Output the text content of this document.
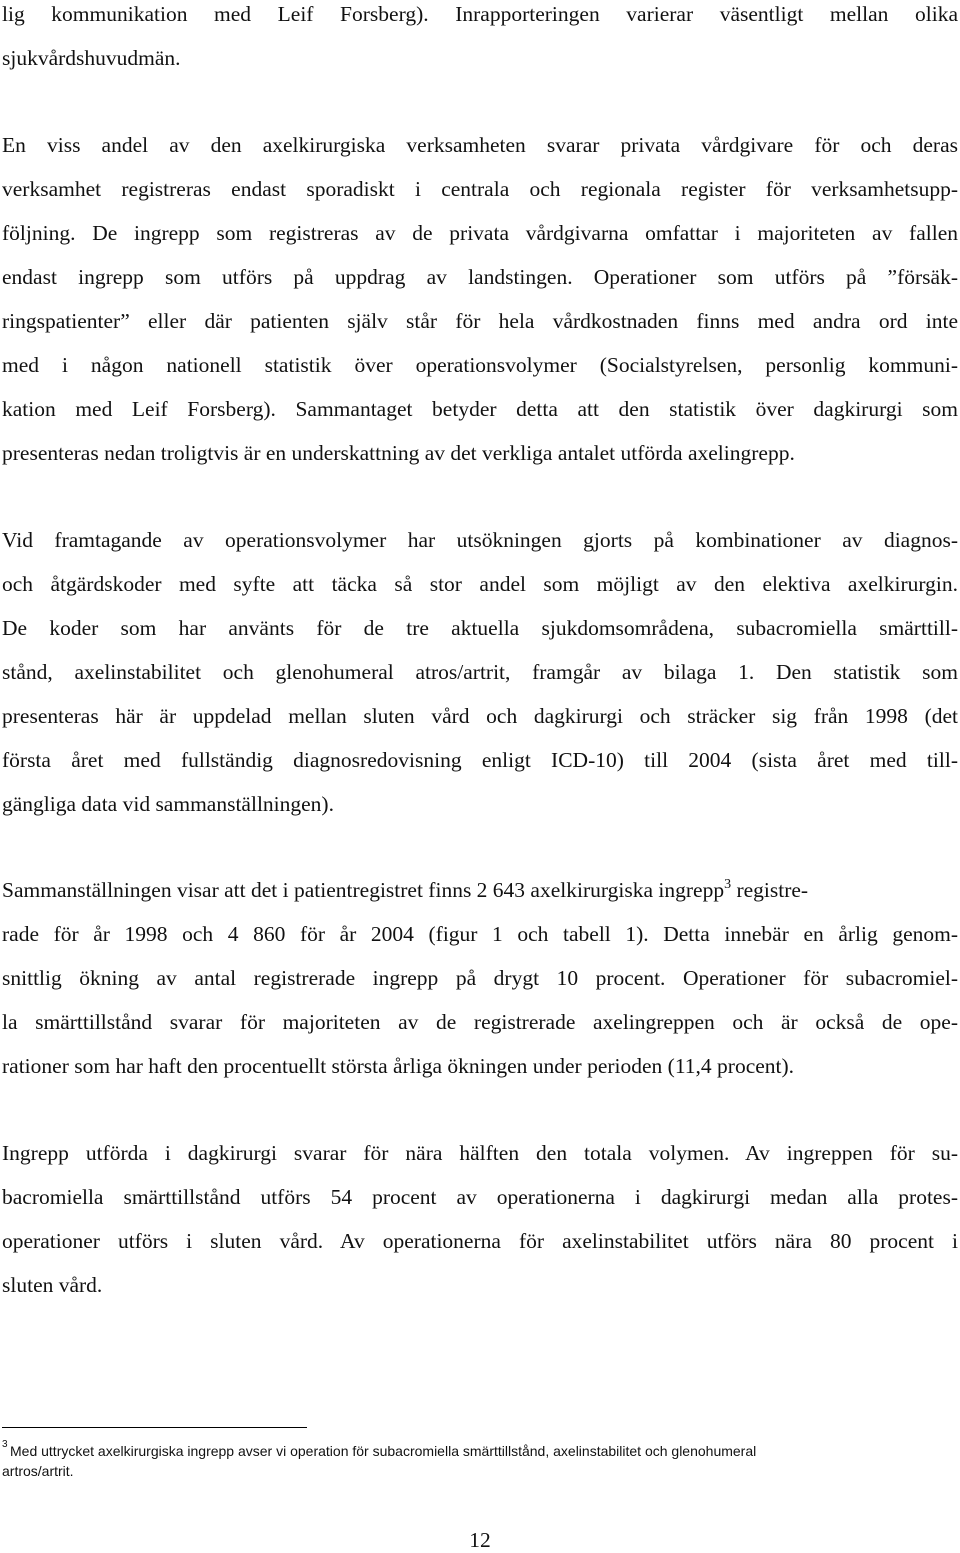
lig kommunikation med Leif Forsberg). Inrapporteringen varierar väsentligt mellan olika
sjukvårdshuvudmän.
En viss andel av den axelkirurgiska verksamheten svarar privata vårdgivare för och deras
verksamhet registreras endast sporadiskt i centrala och regionala register för verksamhetsupp-
följning. De ingrepp som registreras av de privata vårdgivarna omfattar i majoriteten av fallen
endast ingrepp som utförs på uppdrag av landstingen. Operationer som utförs på ”försäk-
ringspatienter” eller där patienten själv står för hela vårdkostnaden finns med andra ord inte
med i någon nationell statistik över operationsvolymer (Socialstyrelsen, personlig kommuni-
kation med Leif Forsberg). Sammantaget betyder detta att den statistik över dagkirurgi som
presenteras nedan troligtvis är en underskattning av det verkliga antalet utförda axelingrepp.
Vid framtagande av operationsvolymer har utsökningen gjorts på kombinationer av diagnos-
och åtgärdskoder med syfte att täcka så stor andel som möjligt av den elektiva axelkirurgin.
De koder som har använts för de tre aktuella sjukdomsområdena, subacromiella smärttill-
stånd, axelinstabilitet och glenohumeral atros/artrit, framgår av bilaga 1. Den statistik som
presenteras här är uppdelad mellan sluten vård och dagkirurgi och sträcker sig från 1998 (det
första året med fullständig diagnosredovisning enligt ICD-10) till 2004 (sista året med till-
gängliga data vid sammanställningen).
Sammanställningen visar att det i patientregistret finns 2 643 axelkirurgiska ingrepp$^3$ registre-
rade för år 1998 och 4 860 för år 2004 (figur 1 och tabell 1). Detta innebär en årlig genom-
snittlig ökning av antal registrerade ingrepp på drygt 10 procent. Operationer för subacromiel-
la smärttillstånd svarar för majoriteten av de registrerade axelingreppen och är också de ope-
rationer som har haft den procentuellt största årliga ökningen under perioden (11,4 procent).
Ingrepp utförda i dagkirurgi svarar för nära hälften den totala volymen. Av ingreppen för su-
bacromiella smärttillstånd utförs 54 procent av operationerna i dagkirurgi medan alla protes-
operationer utförs i sluten vård. Av operationerna för axelinstabilitet utförs nära 80 procent i
sluten vård.
3 Med uttrycket axelkirurgiska ingrepp avser vi operation för subacromiella smärttillstånd, axelinstabilitet och glenohumeral
artros/artrit.
12
